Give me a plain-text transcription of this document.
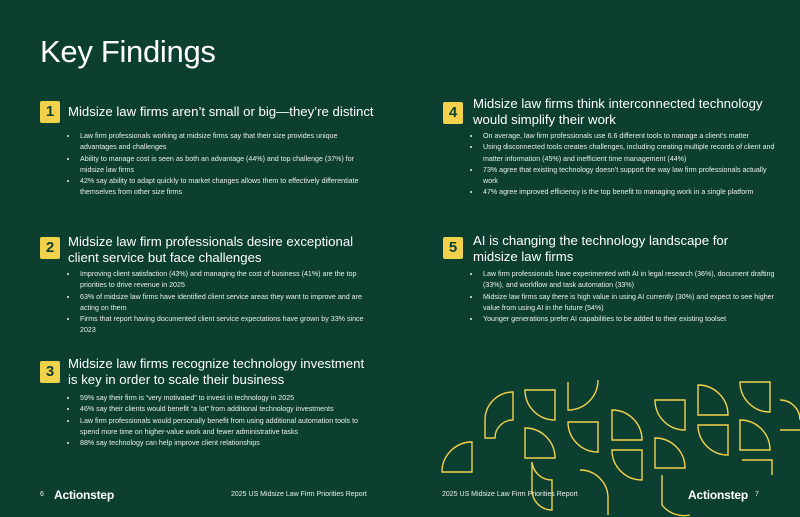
Key Findings
1	Midsize law firms aren’t small or big—they’re distinct
• Law firm professionals working at midsize firms say that their size provides unique advantages and challenges
• Ability to manage cost is seen as both an advantage (44%) and top challenge (37%) for midsize law firms
• 42% say ability to adapt quickly to market changes allows them to effectively differentiate themselves from other size firms
2	Midsize law firm professionals desire exceptional client service but face challenges
• Improving client satisfaction (43%) and managing the cost of business (41%) are the top priorities to drive revenue in 2025
• 63% of midsize law firms have identified client service areas they want to improve and are acting on them
• Firms that report having documented client service expectations have grown by 33% since 2023
3	Midsize law firms recognize technology investment is key in order to scale their business
• 59% say their firm is “very motivated” to invest in technology in 2025
• 46% say their clients would benefit “a lot” from additional technology investments
• Law firm professionals would personally benefit from using additional automation tools to spend more time on higher-value work and fewer administrative tasks
• 88% say technology can help improve client relationships
4
Midsize law firms think interconnected technology would simplify their work
• On average, law firm professionals use 6.6 different tools to manage a client’s matter
• Using disconnected tools creates challenges, including creating multiple records of client and matter information (45%) and inefficient time management (44%)
• 73% agree that existing technology doesn’t support the way law firm professionals actually work
• 47% agree improved efficiency is the top benefit to managing work in a single platform
5	AI is changing the technology landscape for midsize law firms
• Law firm professionals have experimented with AI in legal research (36%), document drafting (33%), and workflow and task automation (33%)
• Midsize law firms say there is high value in using AI currently (30%) and expect to see higher value from using AI in the future (54%)
• Younger generations prefer AI capabilities to be added to their existing toolset
6 Actionstep	2025 US Midsize Law Firm Priorities Report	2025 US Midsize Law Firm Priorities Report	Actionstep 7
